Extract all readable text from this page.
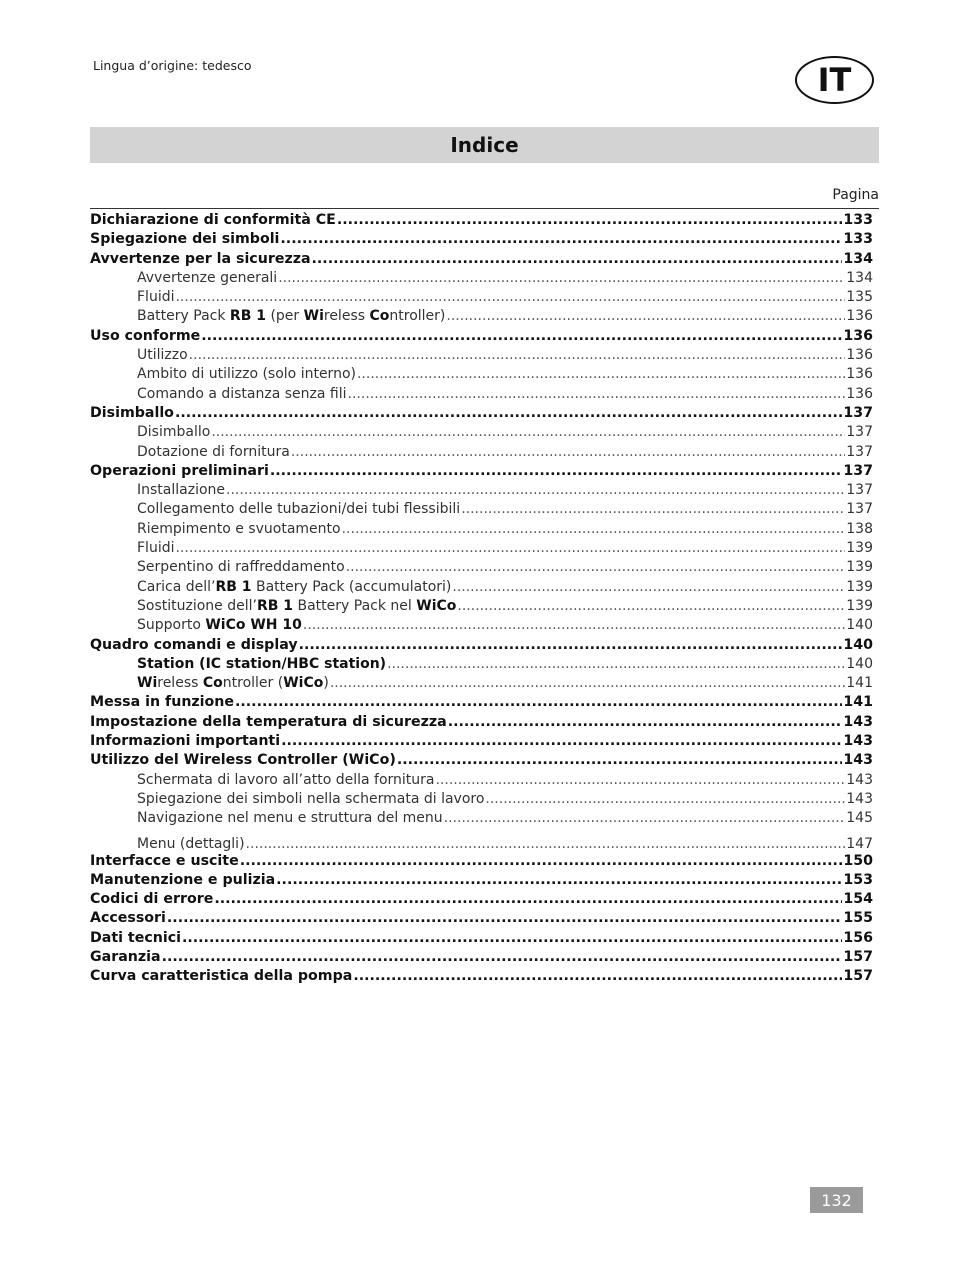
Lingua d’origine: tedesco	IT
Indice
Pagina
Dichiarazione di conformità CE .....	133
Spiegazione dei simboli .....	133
Avvertenze per la sicurezza .....	134
Avvertenze generali .....	134
Fluidi .....	135
Battery Pack RB 1 (per Wireless Controller) .....	136
Uso conforme .....	136
Utilizzo .....	136
Ambito di utilizzo (solo interno) .....	136
Comando a distanza senza fili .....	136
Disimballo .....	137
Disimballo .....	137
Dotazione di fornitura .....	137
Operazioni preliminari .....	137
Installazione .....	137
Collegamento delle tubazioni/dei tubi flessibili .....	137
Riempimento e svuotamento .....	138
Fluidi .....	139
Serpentino di raffreddamento .....	139
Carica dell’RB 1 Battery Pack (accumulatori) .....	139
Sostituzione dell’RB 1 Battery Pack nel WiCo .....	139
Supporto WiCo WH 10 .....	140
Quadro comandi e display .....	140
Station (IC station/HBC station) .....	140
Wireless Controller (WiCo) .....	141
Messa in funzione .....	141
Impostazione della temperatura di sicurezza .....	143
Informazioni importanti .....	143
Utilizzo del Wireless Controller (WiCo) .....	143
Schermata di lavoro all’atto della fornitura .....	143
Spiegazione dei simboli nella schermata di lavoro .....	143
Navigazione nel menu e struttura del menu .....	145
Menu (dettagli) .....	147
Interfacce e uscite .....	150
Manutenzione e pulizia .....	153
Codici di errore .....	154
Accessori .....	155
Dati tecnici .....	156
Garanzia .....	157
Curva caratteristica della pompa .....	157
132
